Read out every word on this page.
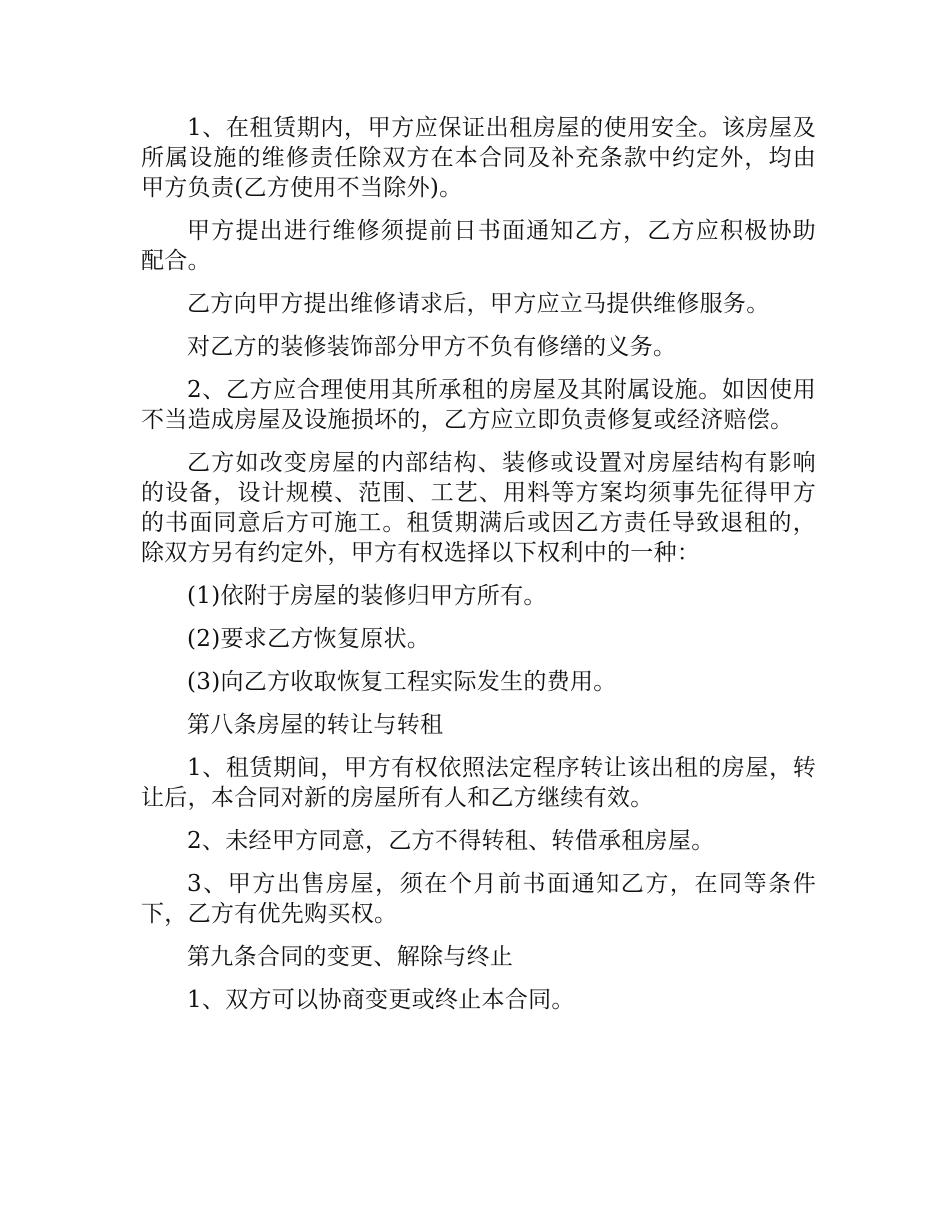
1、在租赁期内，甲方应保证出租房屋的使用安全。该房屋及所属设施的维修责任除双方在本合同及补充条款中约定外，均由甲方负责(乙方使用不当除外)。

甲方提出进行维修须提前日书面通知乙方，乙方应积极协助配合。

乙方向甲方提出维修请求后，甲方应立马提供维修服务。

对乙方的装修装饰部分甲方不负有修缮的义务。

2、乙方应合理使用其所承租的房屋及其附属设施。如因使用不当造成房屋及设施损坏的，乙方应立即负责修复或经济赔偿。

乙方如改变房屋的内部结构、装修或设置对房屋结构有影响的设备，设计规模、范围、工艺、用料等方案均须事先征得甲方的书面同意后方可施工。租赁期满后或因乙方责任导致退租的，除双方另有约定外，甲方有权选择以下权利中的一种：

(1)依附于房屋的装修归甲方所有。

(2)要求乙方恢复原状。

(3)向乙方收取恢复工程实际发生的费用。

第八条房屋的转让与转租

1、租赁期间，甲方有权依照法定程序转让该出租的房屋，转让后，本合同对新的房屋所有人和乙方继续有效。

2、未经甲方同意，乙方不得转租、转借承租房屋。

3、甲方出售房屋，须在个月前书面通知乙方，在同等条件下，乙方有优先购买权。

第九条合同的变更、解除与终止

1、双方可以协商变更或终止本合同。
